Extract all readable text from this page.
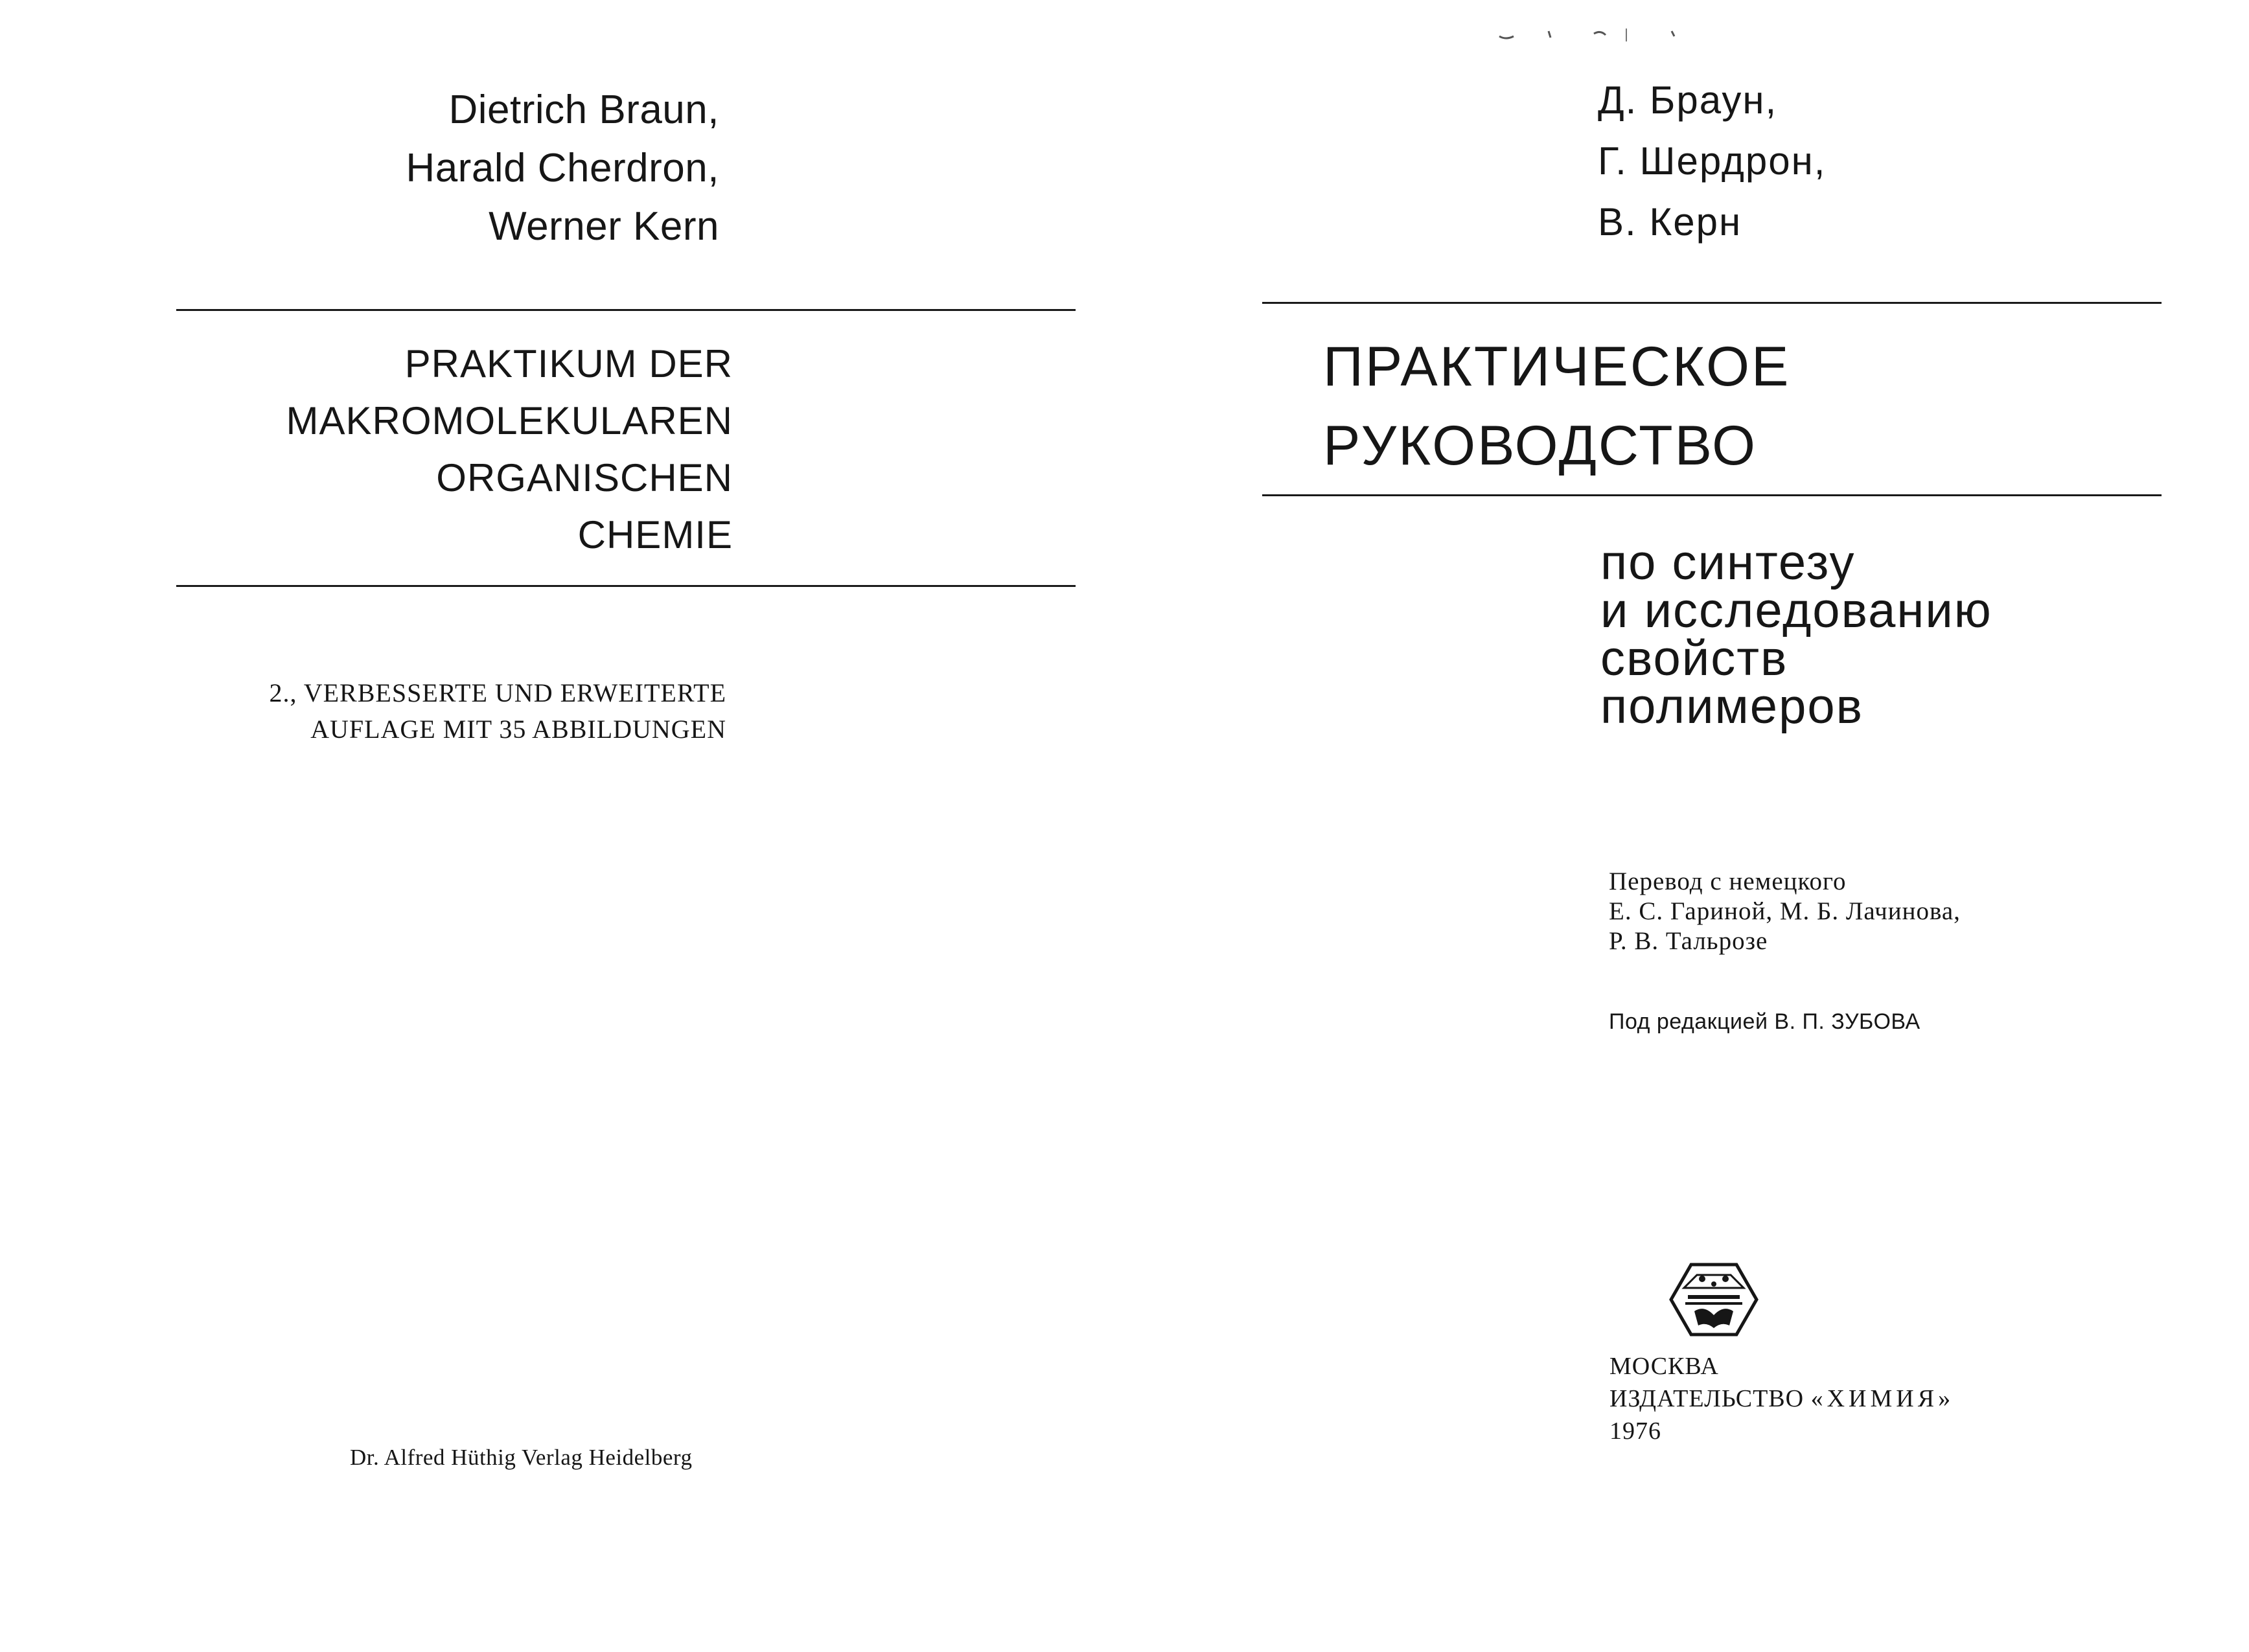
Dietrich Braun,
Harald Cherdron,
Werner Kern
PRAKTIKUM DER
MAKROMOLEKULAREN
ORGANISCHEN
CHEMIE
2., VERBESSERTE UND ERWEITERTE
AUFLAGE MIT 35 ABBILDUNGEN
Dr. Alfred Hüthig Verlag Heidelberg
Д. Браун,
Г. Шердрон,
В. Керн
ПРАКТИЧЕСКОЕ
РУКОВОДСТВО
по синтезу
и исследованию
свойств
полимеров
Перевод с немецкого
Е. С. Гариной, М. Б. Лачинова,
Р. В. Тальрозе
Под редакцией В. П. ЗУБОВА
МОСКВА
ИЗДАТЕЛЬСТВО «ХИМИЯ»
1976
